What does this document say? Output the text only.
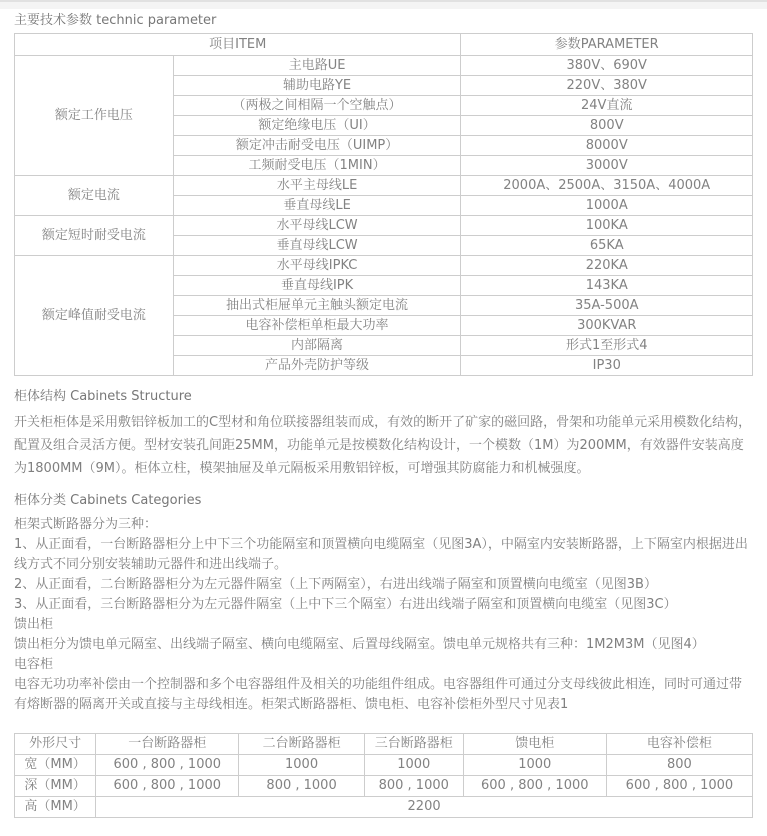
主要技术参数 technic parameter
项目ITEM		参数PARAMETER
额定工作电压	主电路UE	380V、690V
	辅助电路YE	220V、380V
	（两极之间相隔一个空触点）	24V直流
	额定绝缘电压（UI）	800V
	额定冲击耐受电压（UIMP）	8000V
	工频耐受电压（1MIN）	3000V
额定电流	水平主母线LE	2000A、2500A、3150A、4000A
	垂直母线LE	1000A
额定短时耐受电流	水平母线LCW	100KA
	垂直母线LCW	65KA
额定峰值耐受电流	水平母线IPKC	220KA
	垂直母线IPK	143KA
	抽出式柜屉单元主触头额定电流	35A-500A
	电容补偿柜单柜最大功率	300KVAR
	内部隔离	形式1至形式4
	产品外壳防护等级	IP30
柜体结构 Cabinets Structure

开关柜柜体是采用敷铝锌板加工的C型材和角位联接器组装而成，有效的断开了矿家的磁回路，骨架和功能单元采用模数化结构，配置及组合灵活方便。型材安装孔间距25MM，功能单元是按模数化结构设计，一个模数（1M）为200MM，有效器件安装高度为1800MM（9M）。柜体立柱，模架抽屉及单元隔板采用敷铝锌板，可增强其防腐能力和机械强度。

柜体分类 Cabinets Categories

柜架式断路器分为三种：

1、从正面看，一台断路器柜分上中下三个功能隔室和顶置横向电缆隔室（见图3A），中隔室内安装断路器，上下隔室内根据进出线方式不同分别安装辅助元器件和进出线端子。

2、从正面看，二台断路器柜分为左元器件隔室（上下两隔室），右进出线端子隔室和顶置横向电缆室（见图3B）

3、从正面看，三台断路器柜分为左元器件隔室（上中下三个隔室）右进出线端子隔室和顶置横向电缆室（见图3C）

馈出柜

馈出柜分为馈电单元隔室、出线端子隔室、横向电缆隔室、后置母线隔室。馈电单元规格共有三种：1M2M3M（见图4）

电容柜

电容无功功率补偿由一个控制器和多个电容器组件及相关的功能组件组成。电容器组件可通过分支母线彼此相连，同时可通过带有熔断器的隔离开关或直接与主母线相连。柜架式断路器柜、馈电柜、电容补偿柜外型尺寸见表1

外形尺寸	一台断路器柜	二台断路器柜	三台断路器柜	馈电柜	电容补偿柜
宽（MM）	600 , 800 , 1000	1000	1000	1000	800
深（MM）	600 , 800 , 1000	800 , 1000	800 , 1000	600 , 800 , 1000	600 , 800 , 1000
高（MM）	2200				
